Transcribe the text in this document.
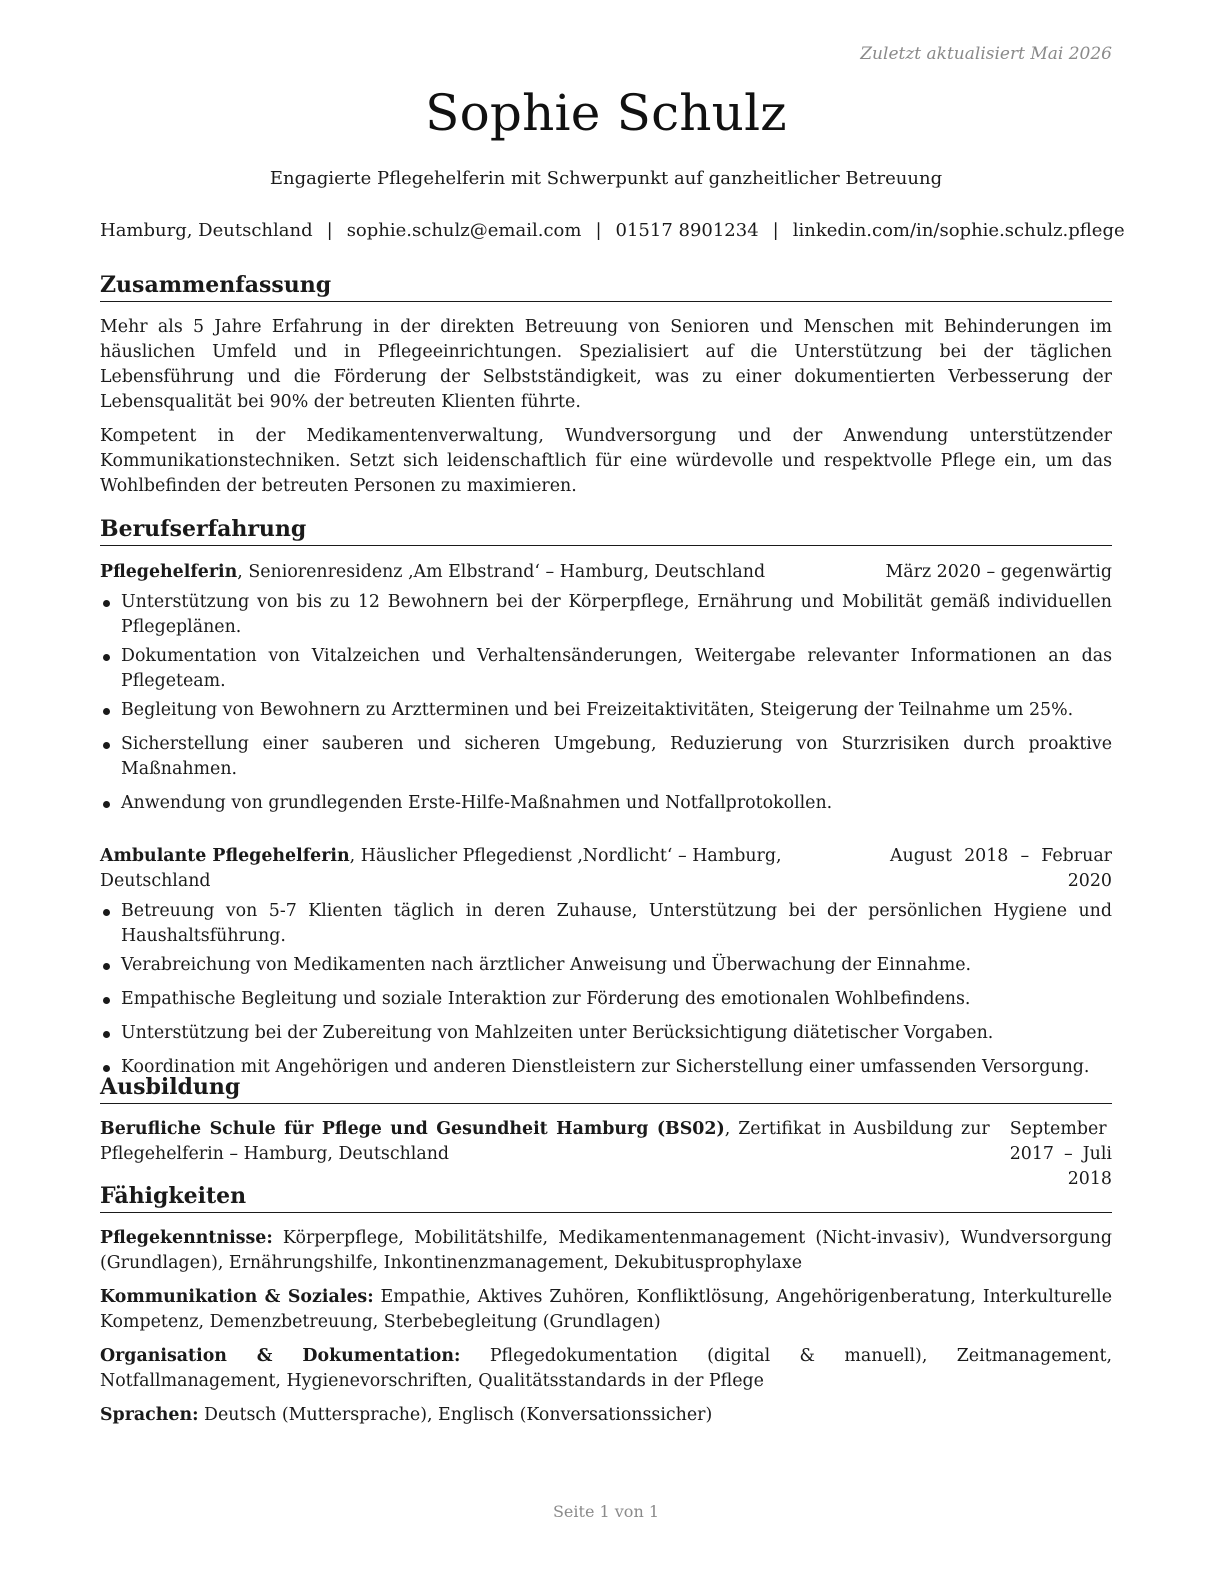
Zuletzt aktualisiert Mai 2026
Sophie Schulz
Engagierte Pflegehelferin mit Schwerpunkt auf ganzheitlicher Betreuung
Hamburg, Deutschland | sophie.schulz@email.com | 01517 8901234 | linkedin.com/in/sophie.schulz.pflege
Zusammenfassung

Mehr als 5 Jahre Erfahrung in der direkten Betreuung von Senioren und Menschen mit Behinderungen im häuslichen Umfeld und in Pflegeeinrichtungen. Spezialisiert auf die Unterstützung bei der täglichen Lebensführung und die Förderung der Selbstständigkeit, was zu einer dokumentierten Verbesserung der Lebensqualität bei 90% der betreuten Klienten führte.

Kompetent in der Medikamentenverwaltung, Wundversorgung und der Anwendung unterstützender Kommunikationstechniken. Setzt sich leidenschaftlich für eine würdevolle und respektvolle Pflege ein, um das Wohlbefinden der betreuten Personen zu maximieren.

Berufserfahrung
Pflegehelferin, Seniorenresidenz ‚Am Elbstrand‘ – Hamburg, Deutschland	März 2020 – gegenwärtig
Unterstützung von bis zu 12 Bewohnern bei der Körperpflege, Ernährung und Mobilität gemäß individuellen Pflegeplänen.
Dokumentation von Vitalzeichen und Verhaltensänderungen, Weitergabe relevanter Informationen an das Pflegeteam.
Begleitung von Bewohnern zu Arztterminen und bei Freizeitaktivitäten, Steigerung der Teilnahme um 25%.
Sicherstellung einer sauberen und sicheren Umgebung, Reduzierung von Sturzrisiken durch proaktive Maßnahmen.
Anwendung von grundlegenden Erste-Hilfe-Maßnahmen und Notfallprotokollen.
Ambulante Pflegehelferin, Häuslicher Pflegedienst ‚Nordlicht‘ – Hamburg, Deutschland
August 2018 – Februar 2020
Betreuung von 5-7 Klienten täglich in deren Zuhause, Unterstützung bei der persönlichen Hygiene und Haushaltsführung.
Verabreichung von Medikamenten nach ärztlicher Anweisung und Überwachung der Einnahme.
Empathische Begleitung und soziale Interaktion zur Förderung des emotionalen Wohlbefindens.
Unterstützung bei der Zubereitung von Mahlzeiten unter Berücksichtigung diätetischer Vorgaben.
Koordination mit Angehörigen und anderen Dienstleistern zur Sicherstellung einer umfassenden Versorgung.
Ausbildung
Berufliche Schule für Pflege und Gesundheit Hamburg (BS02), Zertifikat in Ausbildung zur Pflegehelferin – Hamburg, Deutschland
September 2017 – Juli 2018
Fähigkeiten
Pflegekenntnisse: Körperpflege, Mobilitätshilfe, Medikamentenmanagement (Nicht-invasiv), Wundversorgung (Grundlagen), Ernährungshilfe, Inkontinenzmanagement, Dekubitusprophylaxe
Kommunikation & Soziales: Empathie, Aktives Zuhören, Konfliktlösung, Angehörigenberatung, Interkulturelle Kompetenz, Demenzbetreuung, Sterbebegleitung (Grundlagen)
Organisation & Dokumentation: Pflegedokumentation (digital & manuell), Zeitmanagement, Notfallmanagement, Hygienevorschriften, Qualitätsstandards in der Pflege
Sprachen: Deutsch (Muttersprache), Englisch (Konversationssicher)
Seite 1 von 1
